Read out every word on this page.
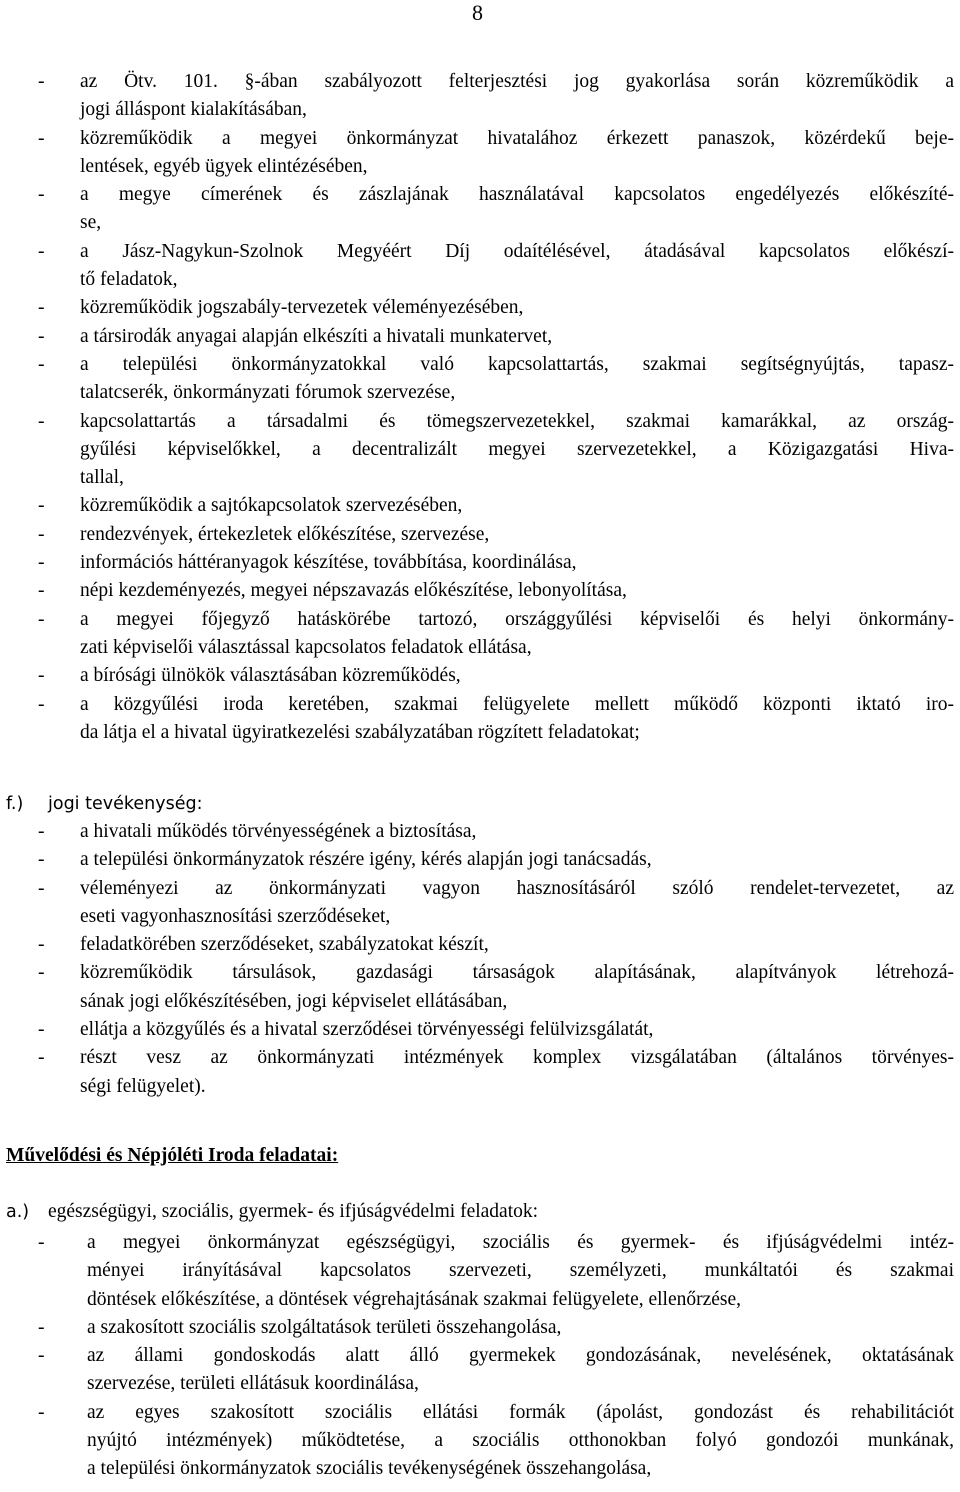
8
- az Ötv. 101. §-ában szabályozott felterjesztési jog gyakorlása során közreműködik a
jogi álláspont kialakításában,
- közreműködik a megyei önkormányzat hivatalához érkezett panaszok, közérdekű beje-
lentések, egyéb ügyek elintézésében,
- a megye címerének és zászlajának használatával kapcsolatos engedélyezés előkészíté-
se,
- a Jász-Nagykun-Szolnok Megyéért Díj odaítélésével, átadásával kapcsolatos előkészí-
tő feladatok,
- közreműködik jogszabály-tervezetek véleményezésében,
- a társirodák anyagai alapján elkészíti a hivatali munkatervet,
- a települési önkormányzatokkal való kapcsolattartás, szakmai segítségnyújtás, tapasz-
talatcserék, önkormányzati fórumok szervezése,
- kapcsolattartás a társadalmi és tömegszervezetekkel, szakmai kamarákkal, az ország-
gyűlési képviselőkkel, a decentralizált megyei szervezetekkel, a Közigazgatási Hiva-
tallal,
- közreműködik a sajtókapcsolatok szervezésében,
- rendezvények, értekezletek előkészítése, szervezése,
- információs háttéranyagok készítése, továbbítása, koordinálása,
- népi kezdeményezés, megyei népszavazás előkészítése, lebonyolítása,
- a megyei főjegyző hatáskörébe tartozó, országgyűlési képviselői és helyi önkormány-
zati képviselői választással kapcsolatos feladatok ellátása,
- a bírósági ülnökök választásában közreműködés,
- a közgyűlési iroda keretében, szakmai felügyelete mellett működő központi iktató iro-
da látja el a hivatal ügyiratkezelési szabályzatában rögzített feladatokat;
f.) jogi tevékenység:
- a hivatali működés törvényességének a biztosítása,
- a települési önkormányzatok részére igény, kérés alapján jogi tanácsadás,
- véleményezi az önkormányzati vagyon hasznosításáról szóló rendelet-tervezetet, az
eseti vagyonhasznosítási szerződéseket,
- feladatkörében szerződéseket, szabályzatokat készít,
- közreműködik társulások, gazdasági társaságok alapításának, alapítványok létrehozá-
sának jogi előkészítésében, jogi képviselet ellátásában,
- ellátja a közgyűlés és a hivatal szerződései törvényességi felülvizsgálatát,
- részt vesz az önkormányzati intézmények komplex vizsgálatában (általános törvényes-
ségi felügyelet).
Művelődési és Népjóléti Iroda feladatai:
a.) egészségügyi, szociális, gyermek- és ifjúságvédelmi feladatok:
- a megyei önkormányzat egészségügyi, szociális és gyermek- és ifjúságvédelmi intéz-
ményei irányításával kapcsolatos szervezeti, személyzeti, munkáltatói és szakmai
döntések előkészítése, a döntések végrehajtásának szakmai felügyelete, ellenőrzése,
- a szakosított szociális szolgáltatások területi összehangolása,
- az állami gondoskodás alatt álló gyermekek gondozásának, nevelésének, oktatásának
szervezése, területi ellátásuk koordinálása,
- az egyes szakosított szociális ellátási formák (ápolást, gondozást és rehabilitációt
nyújtó intézmények) működtetése, a szociális otthonokban folyó gondozói munkának,
a települési önkormányzatok szociális tevékenységének összehangolása,
